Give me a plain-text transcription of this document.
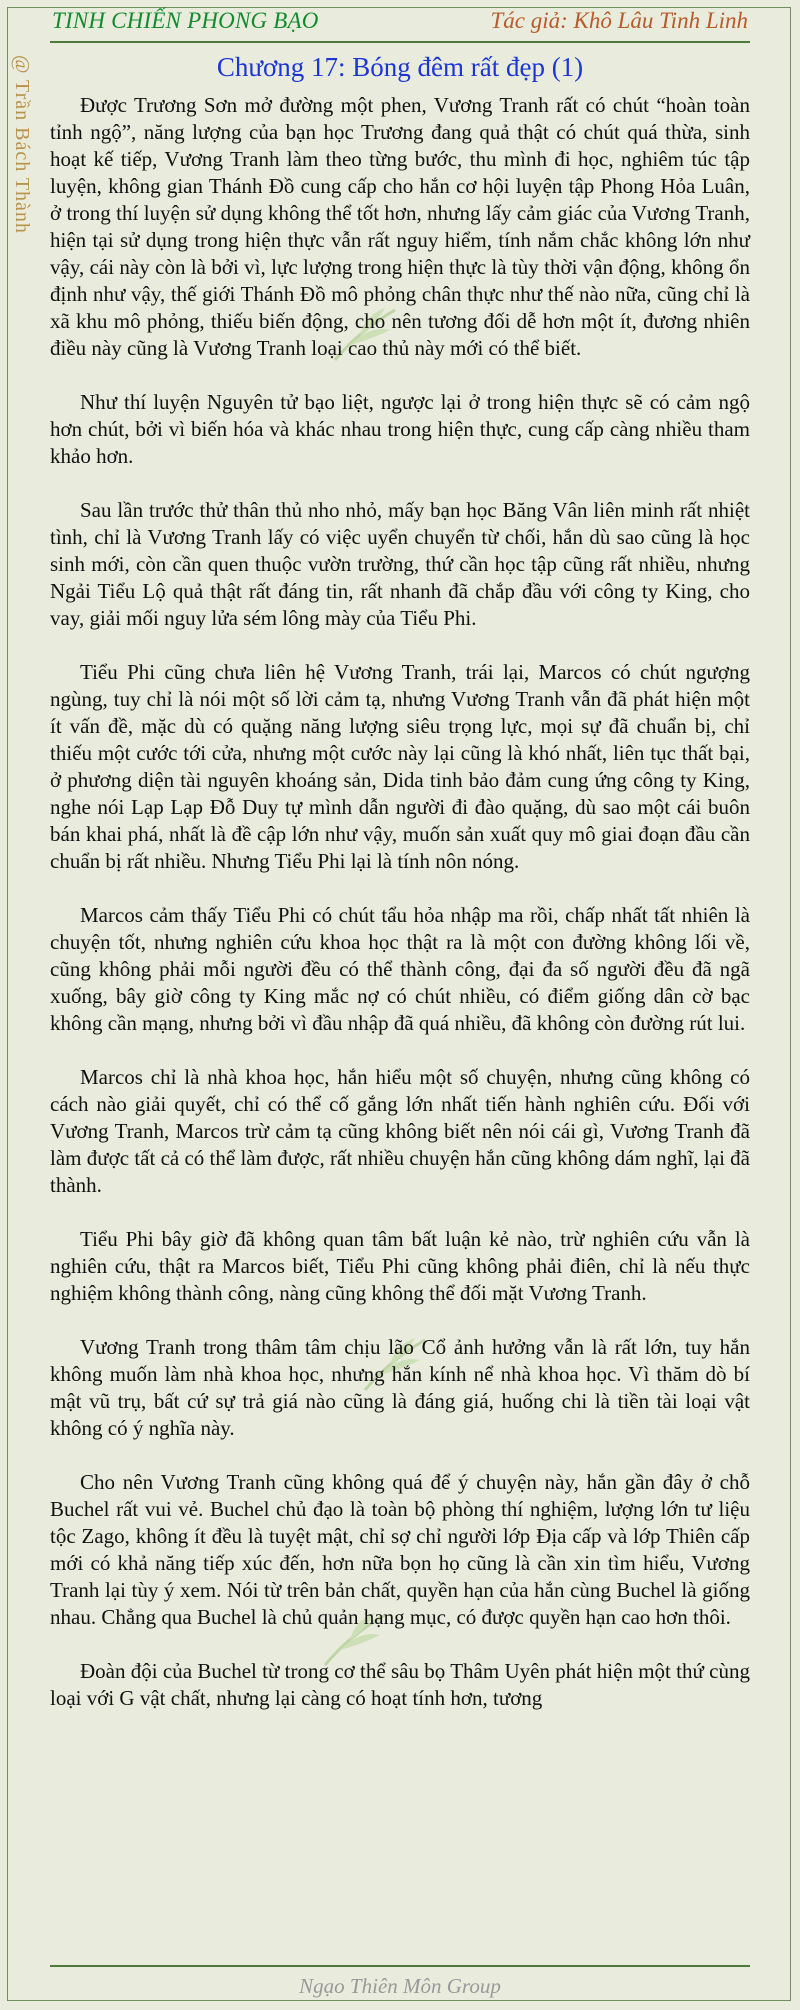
TINH CHIẾN PHONG BẠO	Tác giả: Khô Lâu Tinh Linh
@ Trần Bách Thành	Chương 17: Bóng đêm rất đẹp (1)

Được Trương Sơn mở đường một phen, Vương Tranh rất có chút “hoàn toàn tỉnh ngộ”, năng lượng của bạn học Trương đang quả thật có chút quá thừa, sinh hoạt kế tiếp, Vương Tranh làm theo từng bước, thu mình đi học, nghiêm túc tập luyện, không gian Thánh Đồ cung cấp cho hắn cơ hội luyện tập Phong Hỏa Luân, ở trong thí luyện sử dụng không thể tốt hơn, nhưng lấy cảm giác của Vương Tranh, hiện tại sử dụng trong hiện thực vẫn rất nguy hiểm, tính nắm chắc không lớn như vậy, cái này còn là bởi vì, lực lượng trong hiện thực là tùy thời vận động, không ổn định như vậy, thế giới Thánh Đồ mô phỏng chân thực như thế nào nữa, cũng chỉ là xã khu mô phỏng, thiếu biến động, cho nên tương đối dễ hơn một ít, đương nhiên điều này cũng là Vương Tranh loại cao thủ này mới có thể biết.

Như thí luyện Nguyên tử bạo liệt, ngược lại ở trong hiện thực sẽ có cảm ngộ hơn chút, bởi vì biến hóa và khác nhau trong hiện thực, cung cấp càng nhiều tham khảo hơn.

Sau lần trước thử thân thủ nho nhỏ, mấy bạn học Băng Vân liên minh rất nhiệt tình, chỉ là Vương Tranh lấy có việc uyển chuyển từ chối, hắn dù sao cũng là học sinh mới, còn cần quen thuộc vườn trường, thứ cần học tập cũng rất nhiều, nhưng Ngải Tiểu Lộ quả thật rất đáng tin, rất nhanh đã chắp đầu với công ty King, cho vay, giải mối nguy lửa sém lông mày của Tiểu Phi.

Tiểu Phi cũng chưa liên hệ Vương Tranh, trái lại, Marcos có chút ngượng ngùng, tuy chỉ là nói một số lời cảm tạ, nhưng Vương Tranh vẫn đã phát hiện một ít vấn đề, mặc dù có quặng năng lượng siêu trọng lực, mọi sự đã chuẩn bị, chỉ thiếu một cước tới cửa, nhưng một cước này lại cũng là khó nhất, liên tục thất bại, ở phương diện tài nguyên khoáng sản, Dida tinh bảo đảm cung ứng công ty King, nghe nói Lạp Lạp Đỗ Duy tự mình dẫn người đi đào quặng, dù sao một cái buôn bán khai phá, nhất là đề cập lớn như vậy, muốn sản xuất quy mô giai đoạn đầu cần chuẩn bị rất nhiều. Nhưng Tiểu Phi lại là tính nôn nóng.

Marcos cảm thấy Tiểu Phi có chút tẩu hỏa nhập ma rồi, chấp nhất tất nhiên là chuyện tốt, nhưng nghiên cứu khoa học thật ra là một con đường không lối về, cũng không phải mỗi người đều có thể thành công, đại đa số người đều đã ngã xuống, bây giờ công ty King mắc nợ có chút nhiều, có điểm giống dân cờ bạc không cần mạng, nhưng bởi vì đầu nhập đã quá nhiều, đã không còn đường rút lui.

Marcos chỉ là nhà khoa học, hắn hiểu một số chuyện, nhưng cũng không có cách nào giải quyết, chỉ có thể cố gắng lớn nhất tiến hành nghiên cứu. Đối với Vương Tranh, Marcos trừ cảm tạ cũng không biết nên nói cái gì, Vương Tranh đã làm được tất cả có thể làm được, rất nhiều chuyện hắn cũng không dám nghĩ, lại đã thành.

Tiểu Phi bây giờ đã không quan tâm bất luận kẻ nào, trừ nghiên cứu vẫn là nghiên cứu, thật ra Marcos biết, Tiểu Phi cũng không phải điên, chỉ là nếu thực nghiệm không thành công, nàng cũng không thể đối mặt Vương Tranh.

Vương Tranh trong thâm tâm chịu lão Cổ ảnh hưởng vẫn là rất lớn, tuy hắn không muốn làm nhà khoa học, nhưng hắn kính nể nhà khoa học. Vì thăm dò bí mật vũ trụ, bất cứ sự trả giá nào cũng là đáng giá, huống chi là tiền tài loại vật không có ý nghĩa này.

Cho nên Vương Tranh cũng không quá để ý chuyện này, hắn gần đây ở chỗ Buchel rất vui vẻ. Buchel chủ đạo là toàn bộ phòng thí nghiệm, lượng lớn tư liệu tộc Zago, không ít đều là tuyệt mật, chỉ sợ chỉ người lớp Địa cấp và lớp Thiên cấp mới có khả năng tiếp xúc đến, hơn nữa bọn họ cũng là cần xin tìm hiểu, Vương Tranh lại tùy ý xem. Nói từ trên bản chất, quyền hạn của hắn cùng Buchel là giống nhau. Chẳng qua Buchel là chủ quản hạng mục, có được quyền hạn cao hơn thôi.

Đoàn đội của Buchel từ trong cơ thể sâu bọ Thâm Uyên phát hiện một thứ cùng loại với G vật chất, nhưng lại càng có hoạt tính hơn, tương

Ngạo Thiên Môn Group
